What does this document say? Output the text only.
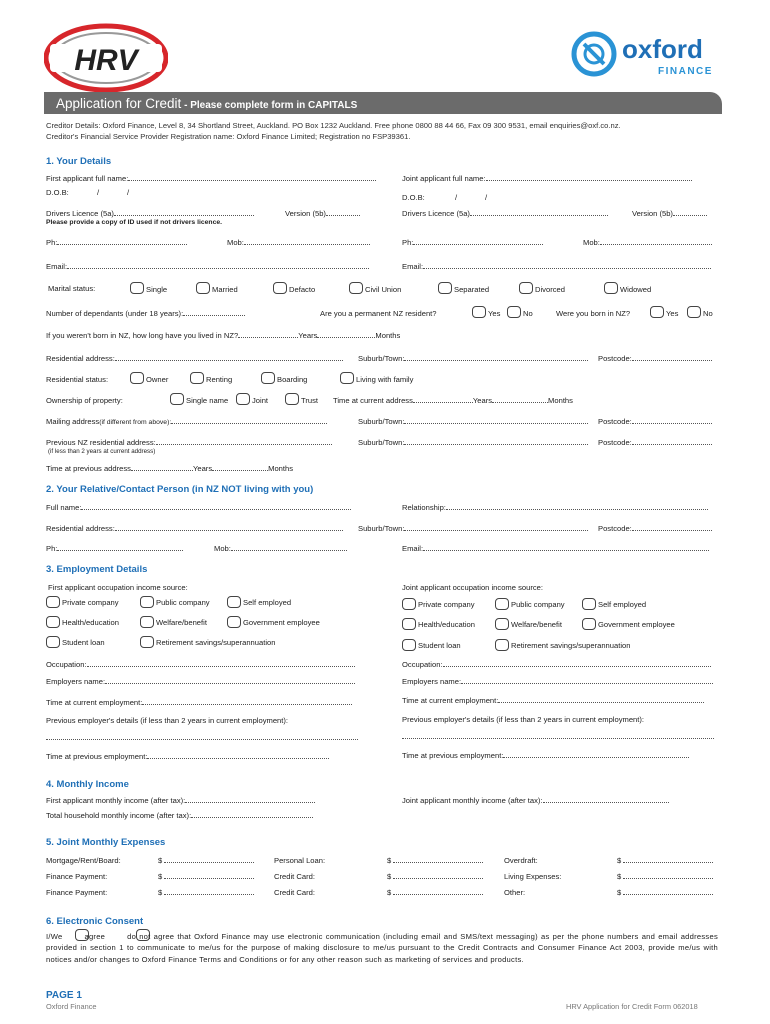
HRV	oxford
FINANCE
Application for Credit - Please complete form in CAPITALS
Creditor Details: Oxford Finance, Level 8, 34 Shortland Street, Auckland. PO Box 1232 Auckland. Free phone 0800 88 44 66, Fax 09 300 9531, email enquiries@oxf.co.nz.
Creditor's Financial Service Provider Registration name: Oxford Finance Limited; Registration no FSP39361.
1. Your Details
First applicant full name:	Joint applicant full name:
D.O.B:	/	/
D.O.B:	/	/
Drivers Licence (5a)	Version (5b)
Please provide a copy of ID used if not drivers licence.
Drivers Licence (5a)	Version (5b)
Ph:	Mob:	Ph:	Mob:
Email:	Email:
Marital status:	Single	Married	Defacto	Civil Union	Separated	Divorced	Widowed
Number of dependants (under 18 years):	Are you a permanent NZ resident?	Yes	No	Were you born in NZ?	Yes	No
If you weren't born in NZ, how long have you lived in NZ?	Years	Months
Residential address:	Suburb/Town:	Postcode:
Residential status:	Owner	Renting	Boarding	Living with family
Ownership of property:	Single name	Joint	Trust Time at current address	Years	Months
Mailing address(if different from above):	Suburb/Town:	Postcode:
Previous NZ residential address:	Suburb/Town:	Postcode:
(if less than 2 years at current address)
Time at previous address	Years	Months
2. Your Relative/Contact Person (in NZ NOT living with you)
Full name:	Relationship:
Residential address:	Suburb/Town:	Postcode:
Ph:	Mob:	Email:
3. Employment Details
First applicant occupation income source:	Joint applicant occupation income source:
Private company	Public company	Self employed
Health/education	Welfare/benefit	Government employee
Student loan	Retirement savings/superannuation
Private company	Public company	Self employed
Health/education	Welfare/benefit	Government employee
Student loan	Retirement savings/superannuation
Occupation:	Occupation:
Employers name:	Employers name:
Time at current employment:	Time at current employment:
Previous employer's details (if less than 2 years in current employment):	Previous employer's details (if less than 2 years in current employment):
Time at previous employment:	Time at previous employment:
4. Monthly Income
First applicant monthly income (after tax):	Joint applicant monthly income (after tax):
Total household monthly income (after tax):
5. Joint Monthly Expenses
Mortgage/Rent/Board:	$	Personal Loan:	$	Overdraft:	$
Finance Payment:	$	Credit Card:	$	Living Expenses:	$
Finance Payment:	$	Credit Card:	$	Other:	$
6. Electronic Consent
I/We	agree	do not agree that Oxford Finance may use electronic communication (including email and SMS/text messaging) as per the phone numbers and email addresses provided in section 1 to communicate to me/us for the purpose of making disclosure to me/us pursuant to the Credit Contracts and Consumer Finance Act 2003, provide me/us with notices and/or changes to Oxford Finance Terms and Conditions or for any other reason such as marketing of services and products.
PAGE 1
Oxford Finance	HRV Application for Credit Form 062018
